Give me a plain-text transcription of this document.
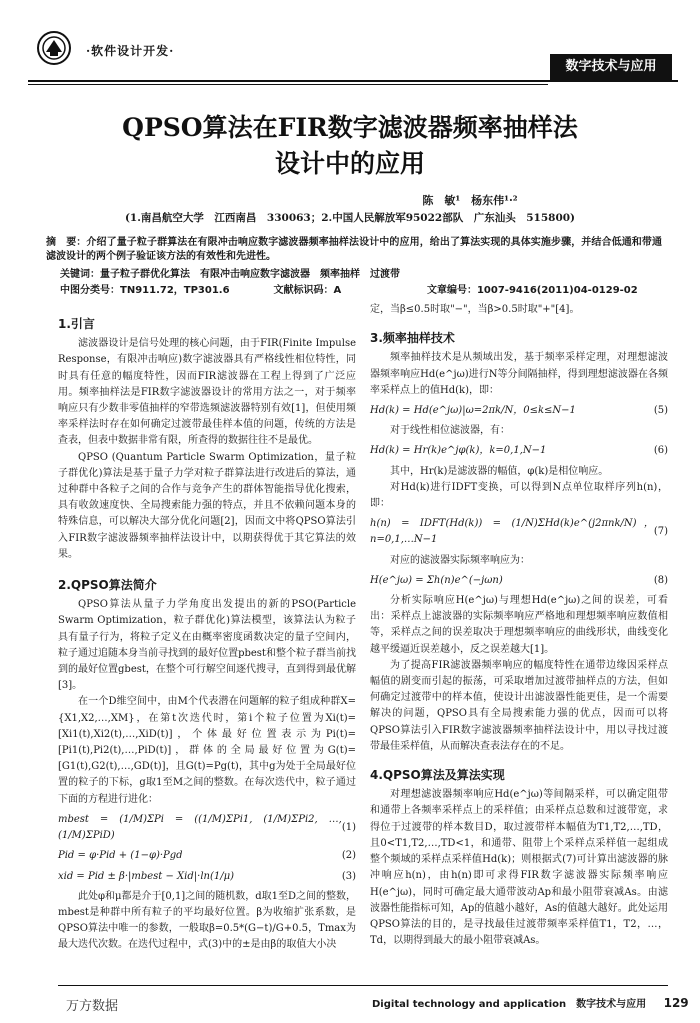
·软件设计开发·
数字技术与应用
QPSO算法在FIR数字滤波器频率抽样法
设计中的应用
陈　敏¹　杨东伟¹·²
(1.南昌航空大学　江西南昌　330063；2.中国人民解放军95022部队　广东汕头　515800)
摘　要：介绍了量子粒子群算法在有限冲击响应数字滤波器频率抽样法设计中的应用，给出了算法实现的具体实施步骤，并结合低通和带通滤波设计的两个例子验证该方法的有效性和先进性。
关键词：量子粒子群优化算法　有限冲击响应数字滤波器　频率抽样　过渡带
中图分类号：TN911.72，TP301.6	文献标识码：A	文章编号：1007-9416(2011)04-0129-02
1.引言

滤波器设计是信号处理的核心问题，由于FIR(Finite Impulse Response，有限冲击响应)数字滤波器具有严格线性相位特性，同时具有任意的幅度特性，因而FIR滤波器在工程上得到了广泛应用。频率抽样法是FIR数字滤波器设计的常用方法之一，对于频率响应只有少数非零值抽样的窄带选频滤波器特别有效[1]，但使用频率采样法时存在如何确定过渡带最佳样本值的问题，传统的方法是查表，但表中数据非常有限，所查得的数据往往不是最优。

QPSO (Quantum Particle Swarm Optimization，量子粒子群优化)算法是基于量子力学对粒子群算法进行改进后的算法，通过种群中各粒子之间的合作与竞争产生的群体智能指导优化搜索，具有收敛速度快、全局搜索能力强的特点，并且不依赖问题本身的特殊信息，可以解决大部分优化问题[2]，因而文中将QPSO算法引入FIR数字滤波器频率抽样法设计中，以期获得优于其它算法的效果。

2.QPSO算法简介

QPSO算法从量子力学角度出发提出的新的PSO(Particle Swarm Optimization，粒子群优化)算法模型，该算法认为粒子具有量子行为，将粒子定义在由概率密度函数决定的量子空间内，粒子通过追随本身当前寻找到的最好位置pbest和整个粒子群当前找到的最好位置gbest，在整个可行解空间逐代搜寻，直到得到最优解[3]。

在一个D维空间中，由M个代表潜在问题解的粒子组成种群X={X1,X2,…,XM}，在第t次迭代时，第i个粒子位置为Xi(t)=[Xi1(t),Xi2(t),…,XiD(t)]，个体最好位置表示为Pi(t)=[Pi1(t),Pi2(t),…,PiD(t)]，群体的全局最好位置为G(t)=[G1(t),G2(t),…,GD(t)]，且G(t)=Pg(t)，其中g为处于全局最好位置的粒子的下标，g取1至M之间的整数。在每次迭代中，粒子通过下面的方程进行进化：

mbest = (1/M)ΣPi = ((1/M)ΣPi1, (1/M)ΣPi2, …, (1/M)ΣPiD)
(1)
Pid = φ·Pid + (1−φ)·Pgd	(2)
xid = Pid ± β·|mbest − Xid|·ln(1/μ)	(3)

此处φ和μ都是介于[0,1]之间的随机数，d取1至D之间的整数，mbest是种群中所有粒子的平均最好位置。β为收缩扩张系数，是QPSO算法中唯一的参数，一般取β=0.5*(G−t)/G+0.5，Tmax为最大迭代次数。在迭代过程中，式(3)中的±是由β的取值大小决

定，当β≤0.5时取"−"，当β>0.5时取"+"[4]。

3.频率抽样技术

频率抽样技术是从频域出发，基于频率采样定理，对理想滤波器频率响应Hd(e^jω)进行N等分间隔抽样，得到理想滤波器在各频率采样点上的值Hd(k)，即：

Hd(k) = Hd(e^jω)|ω=2πk/N，0≤k≤N−1	(5)

对于线性相位滤波器，有：

Hd(k) = Hr(k)e^jφ(k)，k=0,1,N−1	(6)

其中，Hr(k)是滤波器的幅值，φ(k)是相位响应。

对Hd(k)进行IDFT变换，可以得到N点单位取样序列h(n)，即：

h(n) = IDFT(Hd(k)) = (1/N)ΣHd(k)e^(j2πnk/N)，n=0,1,…N−1
(7)

对应的滤波器实际频率响应为：

H(e^jω) = Σh(n)e^(−jωn)	(8)

分析实际响应H(e^jω)与理想Hd(e^jω)之间的误差，可看出：采样点上滤波器的实际频率响应严格地和理想频率响应数值相等，采样点之间的误差取决于理想频率响应的曲线形状，曲线变化越平缓逼近误差越小，反之误差越大[1]。

为了提高FIR滤波器频率响应的幅度特性在通带边缘因采样点幅值的剧变而引起的振荡，可采取增加过渡带抽样点的方法，但如何确定过渡带中的样本值，使设计出滤波器性能更佳，是一个需要解决的问题，QPSO具有全局搜索能力强的优点，因而可以将QPSO算法引入FIR数字滤波器频率抽样法设计中，用以寻找过渡带最佳采样值，从而解决查表法存在的不足。

4.QPSO算法及算法实现

对理想滤波器频率响应Hd(e^jω)等间隔采样，可以确定阻带和通带上各频率采样点上的采样值；由采样点总数和过渡带宽，求得位于过渡带的样本数目D，取过渡带样本幅值为T1,T2,…,TD，且0<T1,T2,…,TD<1，和通带、阻带上个采样点采样值一起组成整个频域的采样点采样值Hd(k)；则根据式(7)可计算出滤波器的脉冲响应h(n)，由h(n)即可求得FIR数字滤波器实际频率响应H(e^jω)，同时可确定最大通带波动Ap和最小阻带衰减As。由滤波器性能指标可知，Ap的值越小越好，As的值越大越好。此处运用QPSO算法的目的，是寻找最佳过渡带频率采样值T1，T2，…，Td，以期得到最大的最小阻带衰减As。

万方数据	Digital technology and application　数字技术与应用 129
